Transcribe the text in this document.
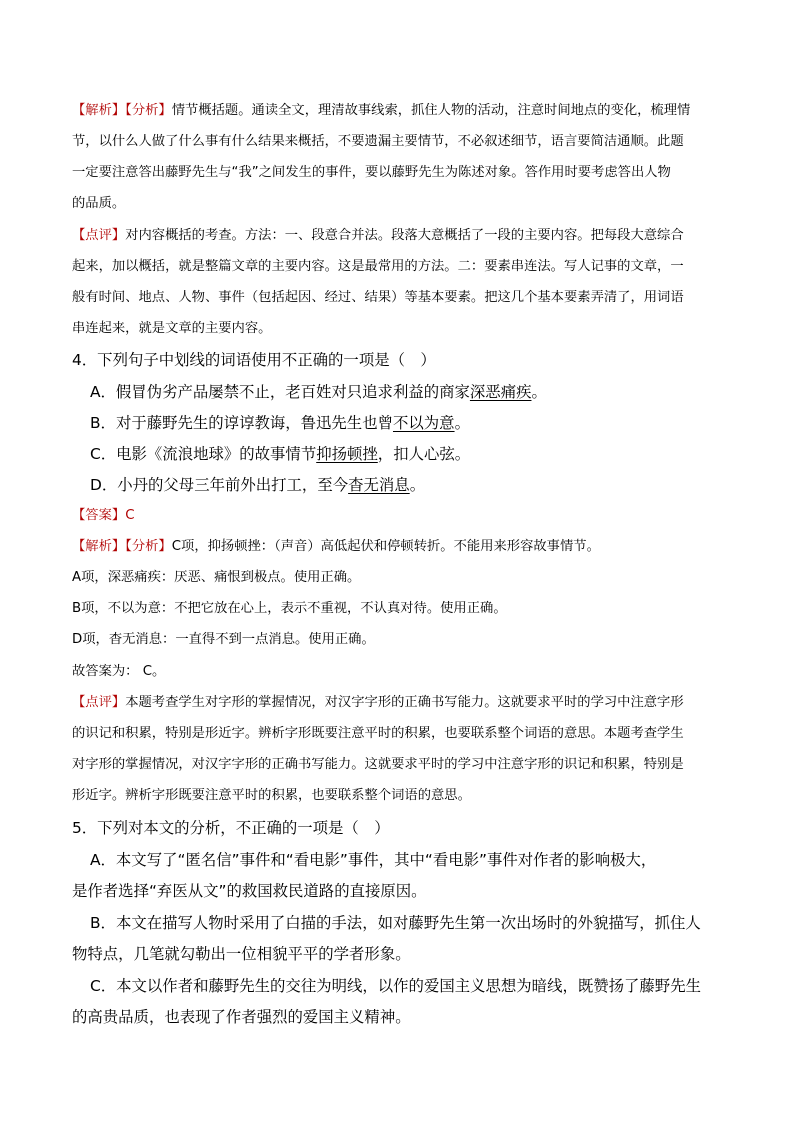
【解析】【分析】情节概括题。通读全文，理清故事线索，抓住人物的活动，注意时间地点的变化，梳理情
节，以什么人做了什么事有什么结果来概括，不要遗漏主要情节，不必叙述细节，语言要简洁通顺。此题
一定要注意答出藤野先生与“我”之间发生的事件，要以藤野先生为陈述对象。答作用时要考虑答出人物
的品质。
【点评】对内容概括的考查。方法：一、段意合并法。段落大意概括了一段的主要内容。把每段大意综合
起来，加以概括，就是整篇文章的主要内容。这是最常用的方法。二：要素串连法。写人记事的文章，一
般有时间、地点、人物、事件（包括起因、经过、结果）等基本要素。把这几个基本要素弄清了，用词语
串连起来，就是文章的主要内容。
4．下列句子中划线的词语使用不正确的一项是（　）
A．假冒伪劣产品屡禁不止，老百姓对只追求利益的商家深恶痛疾。
B．对于藤野先生的谆谆教诲，鲁迅先生也曾不以为意。
C．电影《流浪地球》的故事情节抑扬顿挫，扣人心弦。
D．小丹的父母三年前外出打工，至今杳无消息。
【答案】C
【解析】【分析】C项，抑扬顿挫：（声音）高低起伏和停顿转折。不能用来形容故事情节。
A项，深恶痛疾：厌恶、痛恨到极点。使用正确。
B项，不以为意：不把它放在心上，表示不重视，不认真对待。使用正确。
D项，杳无消息：一直得不到一点消息。使用正确。
故答案为： C。
【点评】本题考查学生对字形的掌握情况，对汉字字形的正确书写能力。这就要求平时的学习中注意字形
的识记和积累，特别是形近字。辨析字形既要注意平时的积累，也要联系整个词语的意思。本题考查学生
对字形的掌握情况，对汉字字形的正确书写能力。这就要求平时的学习中注意字形的识记和积累，特别是
形近字。辨析字形既要注意平时的积累，也要联系整个词语的意思。
5．下列对本文的分析，不正确的一项是（　）
A．本文写了“匿名信”事件和“看电影”事件，其中“看电影”事件对作者的影响极大，
是作者选择“弃医从文”的救国救民道路的直接原因。
B．本文在描写人物时采用了白描的手法，如对藤野先生第一次出场时的外貌描写，抓住人
物特点，几笔就勾勒出一位相貌平平的学者形象。
C．本文以作者和藤野先生的交往为明线，以作的爱国主义思想为暗线，既赞扬了藤野先生
的高贵品质，也表现了作者强烈的爱国主义精神。
